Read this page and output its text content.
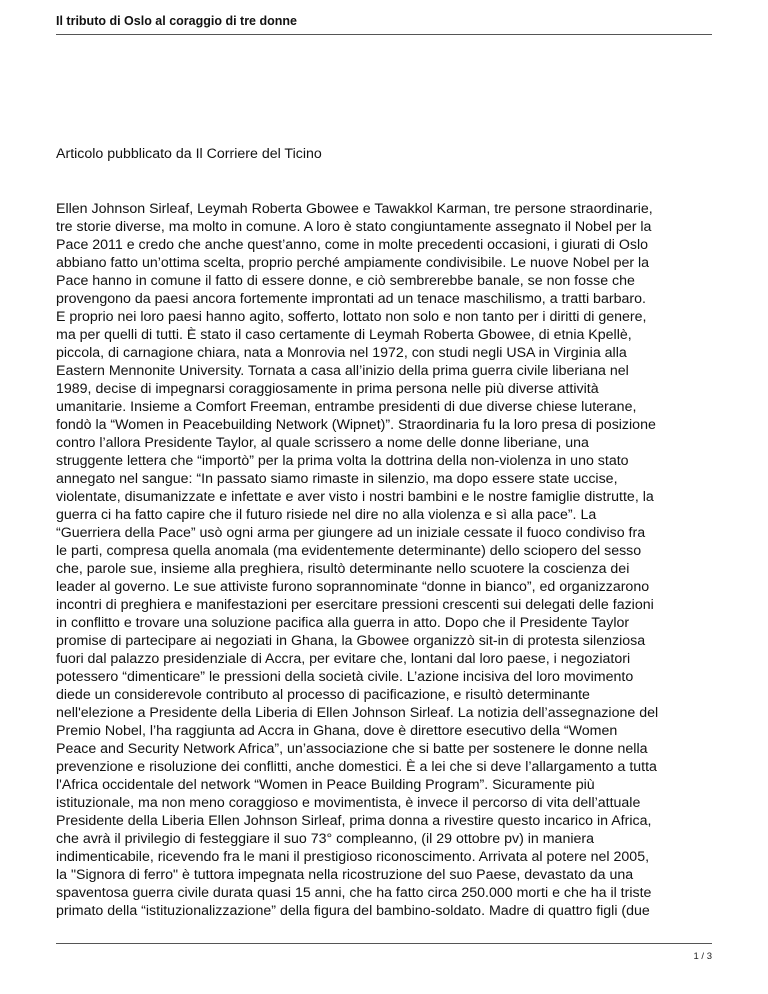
Il tributo di Oslo al coraggio di tre donne
Articolo pubblicato da Il Corriere del Ticino
Ellen Johnson Sirleaf, Leymah Roberta Gbowee e Tawakkol Karman, tre persone straordinarie,
tre storie diverse, ma molto in comune. A loro è stato congiuntamente assegnato il Nobel per la
Pace 2011 e credo che anche quest’anno, come in molte precedenti occasioni, i giurati di Oslo
abbiano fatto un’ottima scelta, proprio perché ampiamente condivisibile. Le nuove Nobel per la
Pace hanno in comune il fatto di essere donne, e ciò sembrerebbe banale, se non fosse che
provengono da paesi ancora fortemente improntati ad un tenace maschilismo, a tratti barbaro.
E proprio nei loro paesi hanno agito, sofferto, lottato non solo e non tanto per i diritti di genere,
ma per quelli di tutti. È stato il caso certamente di Leymah Roberta Gbowee, di etnia Kpellè,
piccola, di carnagione chiara, nata a Monrovia nel 1972, con studi negli USA in Virginia alla
Eastern Mennonite University. Tornata a casa all’inizio della prima guerra civile liberiana nel
1989, decise di impegnarsi coraggiosamente in prima persona nelle più diverse attività
umanitarie. Insieme a Comfort Freeman, entrambe presidenti di due diverse chiese luterane,
fondò la “Women in Peacebuilding Network (Wipnet)”. Straordinaria fu la loro presa di posizione
contro l’allora Presidente Taylor, al quale scrissero a nome delle donne liberiane, una
struggente lettera che “importò” per la prima volta la dottrina della non-violenza in uno stato
annegato nel sangue: “In passato siamo rimaste in silenzio, ma dopo essere state uccise,
violentate, disumanizzate e infettate e aver visto i nostri bambini e le nostre famiglie distrutte, la
guerra ci ha fatto capire che il futuro risiede nel dire no alla violenza e sì alla pace”. La
“Guerriera della Pace” usò ogni arma per giungere ad un iniziale cessate il fuoco condiviso fra
le parti, compresa quella anomala (ma evidentemente determinante) dello sciopero del sesso
che, parole sue, insieme alla preghiera, risultò determinante nello scuotere la coscienza dei
leader al governo. Le sue attiviste furono soprannominate “donne in bianco”, ed organizzarono
incontri di preghiera e manifestazioni per esercitare pressioni crescenti sui delegati delle fazioni
in conflitto e trovare una soluzione pacifica alla guerra in atto. Dopo che il Presidente Taylor
promise di partecipare ai negoziati in Ghana, la Gbowee organizzò sit-in di protesta silenziosa
fuori dal palazzo presidenziale di Accra, per evitare che, lontani dal loro paese, i negoziatori
potessero “dimenticare” le pressioni della società civile. L’azione incisiva del loro movimento
diede un considerevole contributo al processo di pacificazione, e risultò determinante
nell'elezione a Presidente della Liberia di Ellen Johnson Sirleaf. La notizia dell’assegnazione del
Premio Nobel, l’ha raggiunta ad Accra in Ghana, dove è direttore esecutivo della “Women
Peace and Security Network Africa”, un’associazione che si batte per sostenere le donne nella
prevenzione e risoluzione dei conflitti, anche domestici. È a lei che si deve l’allargamento a tutta
l'Africa occidentale del network “Women in Peace Building Program”. Sicuramente più
istituzionale, ma non meno coraggioso e movimentista, è invece il percorso di vita dell’attuale
Presidente della Liberia Ellen Johnson Sirleaf, prima donna a rivestire questo incarico in Africa,
che avrà il privilegio di festeggiare il suo 73° compleanno, (il 29 ottobre pv) in maniera
indimenticabile, ricevendo fra le mani il prestigioso riconoscimento. Arrivata al potere nel 2005,
la "Signora di ferro" è tuttora impegnata nella ricostruzione del suo Paese, devastato da una
spaventosa guerra civile durata quasi 15 anni, che ha fatto circa 250.000 morti e che ha il triste
primato della “istituzionalizzazione” della figura del bambino-soldato. Madre di quattro figli (due
1 / 3
